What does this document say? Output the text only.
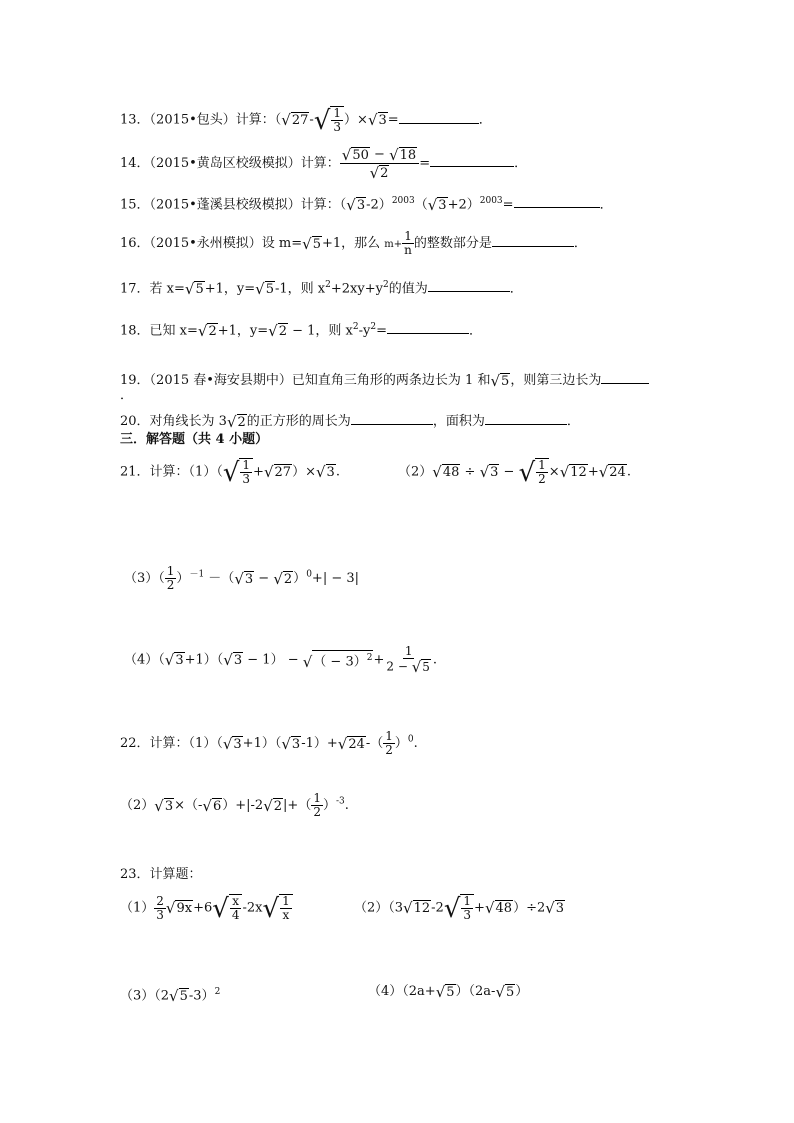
13．（2015•包头）计算：（ √ 27 - √ $\frac{1}{3}$ ）× √ 3 =	．
14．（2015•黄岛区校级模拟）计算： $\frac{√ 50 - √ 18}{√ 2}$ =	．
15．（2015•蓬溪县校级模拟）计算：（ √ 3 -2）$^{2003}$（ √ 3 +2）$^{2003}$=	．
16．（2015•永州模拟）设 m= √ 5 +1，那么 $m+ \frac{1}{n}$ 的整数部分是	．
17．若 x= √ 5 +1，y= √ 5 -1，则 $x^2+2xy+y^2$的值为	．
18．已知 x= √ 2 +1，y= √ 2 − 1，则 $x^2-y^2=$	．
19．（2015 春•海安县期中）已知直角三角形的两条边长为 1 和 √ 5 ，则第三边长为
．
20．对角线长为 3 √ 2 的正方形的周长为	，面积为	．
三．解答题（共 4 小题）
21．计算：（1）（ √ $\frac{1}{3}$ + √ 27 ）× √ 3 .	（2） √ 48 ÷ √ 3 − √ $\frac{1}{2}$ × √ 12 + √ 24 .
$(3)( \frac{1}{2} )^{-1}$ －（ √ 3 − √ 2 ）$^0$+| − 3|
（4）（ √ 3 +1）（ √ 3 − 1） − √ （ − $3)^2 + \frac{1}{2 - √ 5}$ .
22．计算：（1）（ √ 3 +1）（ √ 3 -1）+ √ 24 -（ $\frac{1}{2} )^0$.
（2） √ 3 ×（- √ 6 ）+|-2 √ 2 |+（ $\frac{1}{2} )^{-3}$.
23．计算题：
$(1) \frac{2}{3}$ √ 9x +6 √ $\frac{x}{4} -2x$ √ $\frac{1}{x}$	（2）（3 √ 12 -2 √ $\frac{1}{3}$ + √ 48 ）÷2 √ 3
（3）（2 √ 5 -3）$^2$	（4）（2a+ √ 5 ）（2a- √ 5 ）
